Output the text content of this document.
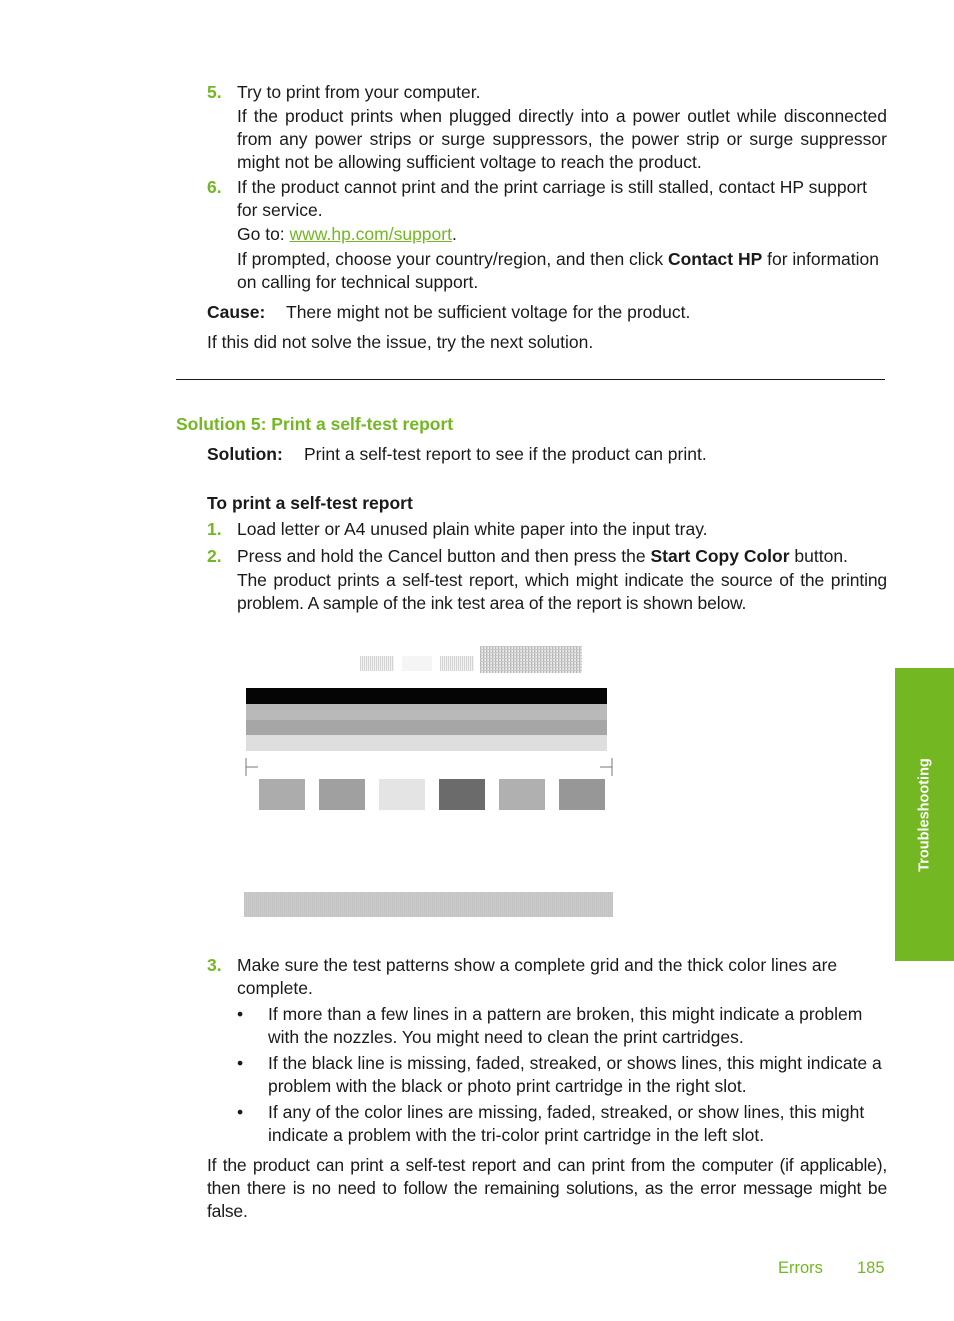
5. Try to print from your computer.
If the product prints when plugged directly into a power outlet while disconnected from any power strips or surge suppressors, the power strip or surge suppressor might not be allowing sufficient voltage to reach the product.
6. If the product cannot print and the print carriage is still stalled, contact HP support for service.
Go to: www.hp.com/support.
If prompted, choose your country/region, and then click Contact HP for information on calling for technical support.
Cause: There might not be sufficient voltage for the product.
If this did not solve the issue, try the next solution.
Solution 5: Print a self-test report
Solution: Print a self-test report to see if the product can print.
To print a self-test report
1. Load letter or A4 unused plain white paper into the input tray.
2. Press and hold the Cancel button and then press the Start Copy Color button.
The product prints a self-test report, which might indicate the source of the printing problem. A sample of the ink test area of the report is shown below.
3. Make sure the test patterns show a complete grid and the thick color lines are complete.
• If more than a few lines in a pattern are broken, this might indicate a problem with the nozzles. You might need to clean the print cartridges.
• If the black line is missing, faded, streaked, or shows lines, this might indicate a problem with the black or photo print cartridge in the right slot.
• If any of the color lines are missing, faded, streaked, or show lines, this might indicate a problem with the tri-color print cartridge in the left slot.
If the product can print a self-test report and can print from the computer (if applicable), then there is no need to follow the remaining solutions, as the error message might be false.
Troubleshooting
Errors 185
